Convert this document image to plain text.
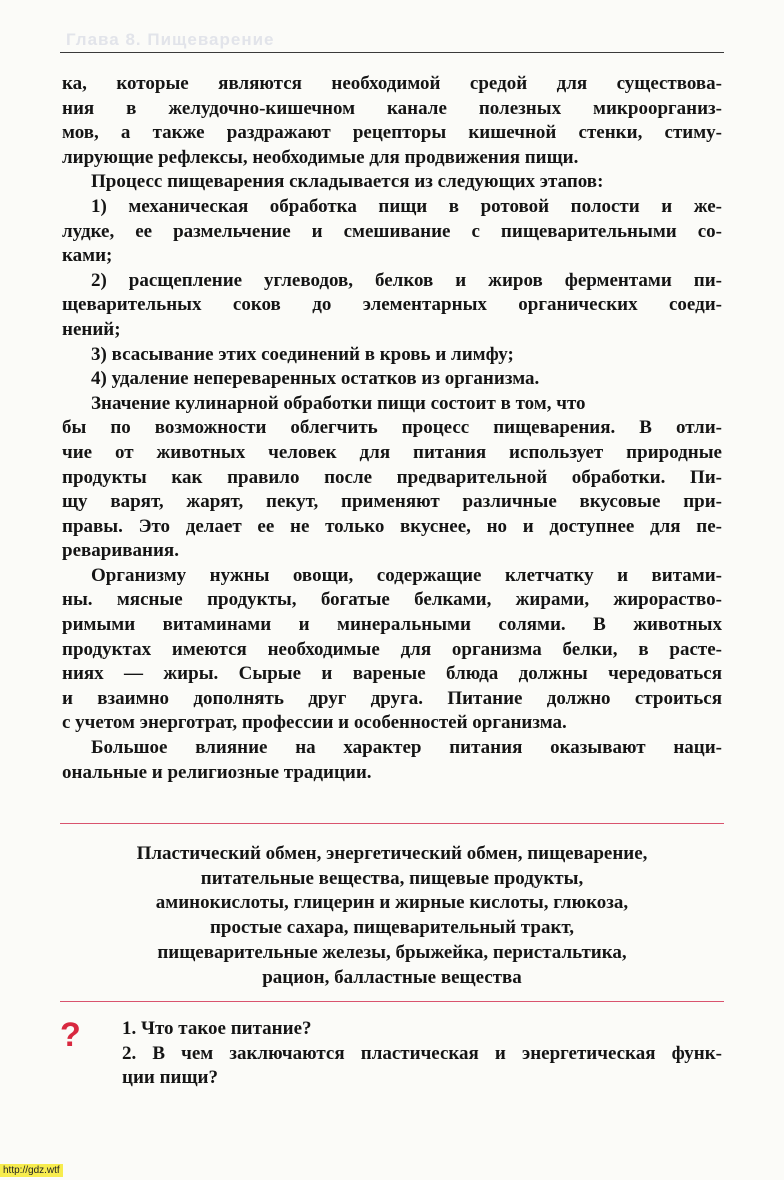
Глава 8. Пищеварение
ка, которые являются необходимой средой для существова-
ния в желудочно-кишечном канале полезных микроорганиз-
мов, а также раздражают рецепторы кишечной стенки, стиму-
лирующие рефлексы, необходимые для продвижения пищи.
Процесс пищеварения складывается из следующих этапов:
1) механическая обработка пищи в ротовой полости и же-
лудке, ее размельчение и смешивание с пищеварительными со-
ками;
2) расщепление углеводов, белков и жиров ферментами пи-
щеварительных соков до элементарных органических соеди-
нений;
3) всасывание этих соединений в кровь и лимфу;
4) удаление непереваренных остатков из организма.
Значение кулинарной обработки пищи состоит в том, что
бы по возможности облегчить процесс пищеварения. В отли-
чие от животных человек для питания использует природные
продукты как правило после предварительной обработки. Пи-
щу варят, жарят, пекут, применяют различные вкусовые при-
правы. Это делает ее не только вкуснее, но и доступнее для пе-
реваривания.
Организму нужны овощи, содержащие клетчатку и витами-
ны. мясные продукты, богатые белками, жирами, жирораство-
римыми витаминами и минеральными солями. В животных
продуктах имеются необходимые для организма белки, в расте-
ниях — жиры. Сырые и вареные блюда должны чередоваться
и взаимно дополнять друг друга. Питание должно строиться
с учетом энерготрат, профессии и особенностей организма.
Большое влияние на характер питания оказывают наци-
ональные и религиозные традиции.
Пластический обмен, энергетический обмен, пищеварение,
питательные вещества, пищевые продукты,
аминокислоты, глицерин и жирные кислоты, глюкоза,
простые сахара, пищеварительный тракт,
пищеварительные железы, брыжейка, перистальтика,
рацион, балластные вещества
? 1. Что такое питание?
2. В чем заключаются пластическая и энергетическая функ-
ции пищи?
http://gdz.wtf
